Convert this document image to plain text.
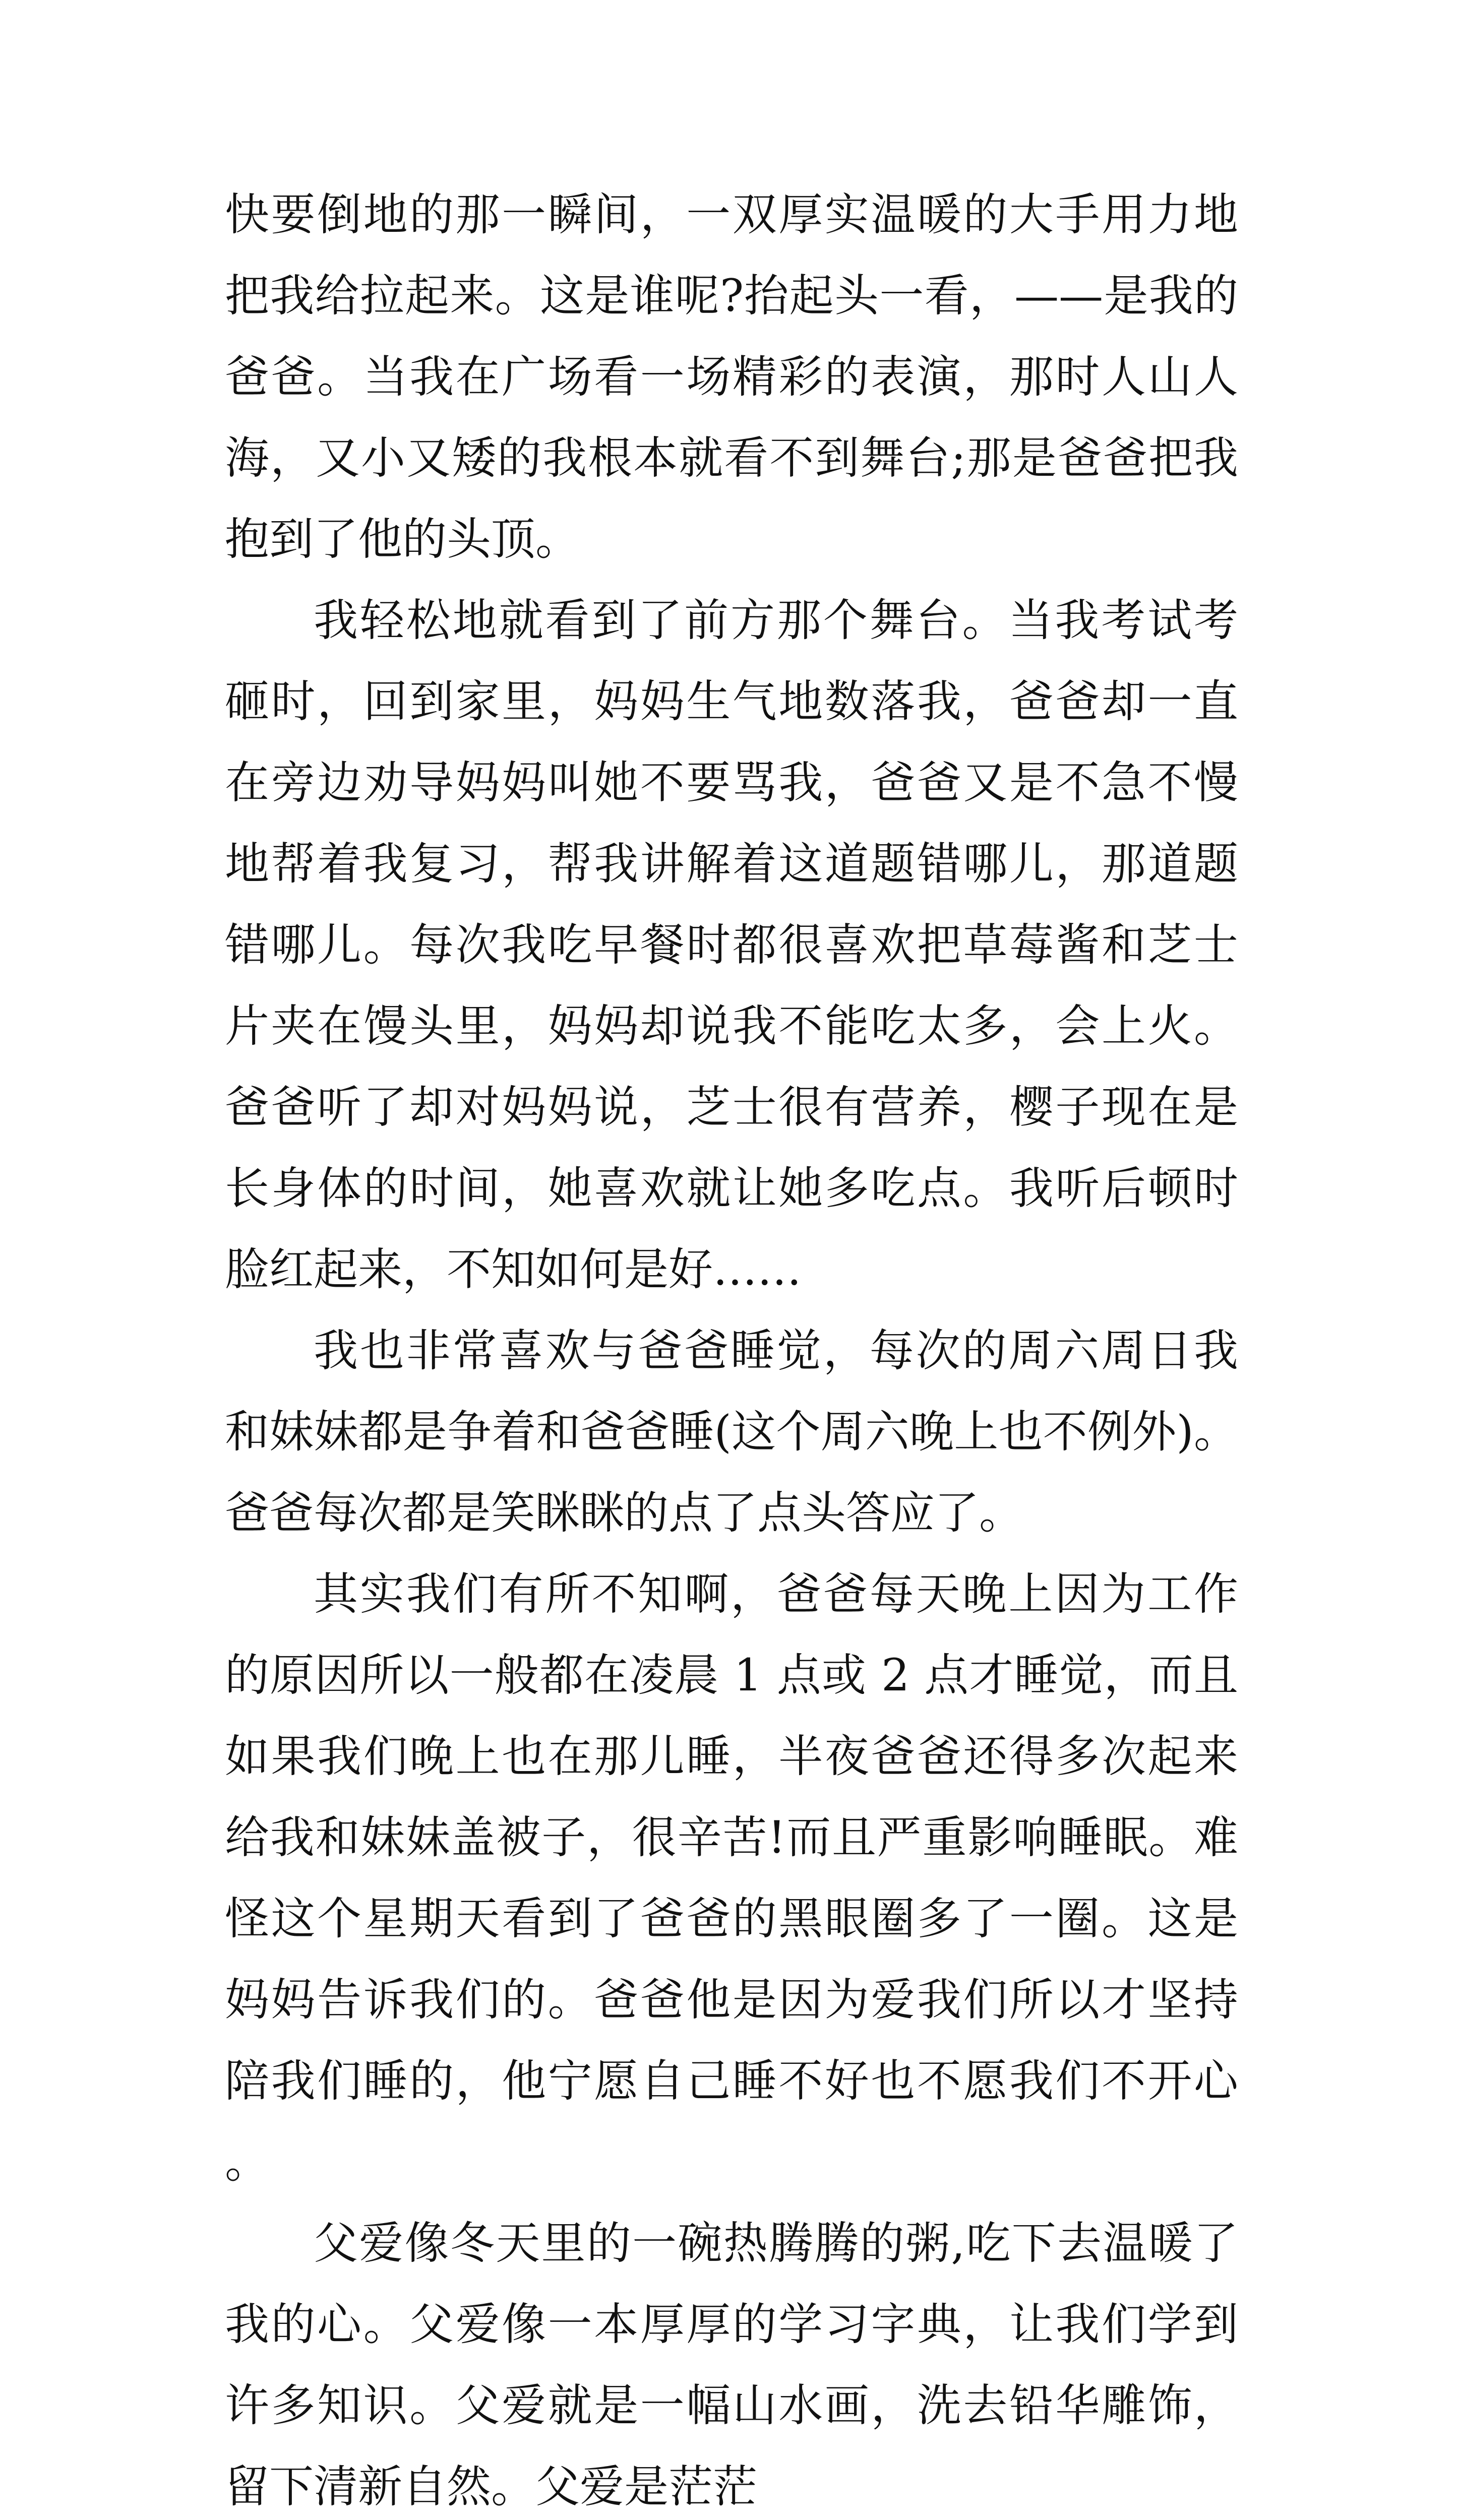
快要倒地的那一瞬间，一双厚实温暖的大手用力地把我给拉起来。这是谁呢?抬起头一看，——是我的爸爸。当我在广场看一场精彩的表演，那时人山人海，又小又矮的我根本就看不到舞台;那是爸爸把我抱到了他的头顶。

我轻松地就看到了前方那个舞台。当我考试考砸时，回到家里，妈妈生气地数落我，爸爸却一直在旁边劝导妈妈叫她不要骂我，爸爸又是不急不慢地帮着我复习，帮我讲解着这道题错哪儿，那道题错哪儿。每次我吃早餐时都很喜欢把草莓酱和芝士片夹在馒头里，妈妈却说我不能吃太多，会上火。爸爸听了却对妈妈说，芝士很有营养，樱子现在是长身体的时间，她喜欢就让她多吃点。我听后顿时脸红起来，不知如何是好……

我也非常喜欢与爸爸睡觉，每次的周六周日我和妹妹都是争着和爸爸睡(这个周六晚上也不例外)。爸爸每次都是笑眯眯的点了点头答应了。

其实我们有所不知啊，爸爸每天晚上因为工作的原因所以一般都在凌晨 1 点或 2 点才睡觉，而且如果我们晚上也在那儿睡，半夜爸爸还得多次起来给我和妹妹盖被子，很辛苦!而且严重影响睡眠。难怪这个星期天看到了爸爸的黑眼圈多了一圈。这是妈妈告诉我们的。爸爸他是因为爱我们所以才坚持陪我们睡的，他宁愿自己睡不好也不愿我们不开心。

父爱像冬天里的一碗热腾腾的粥,吃下去温暖了我的心。父爱像一本厚厚的学习字典，让我们学到许多知识。父爱就是一幅山水画，洗去铅华雕饰，留下清新自然。父爱是茫茫
